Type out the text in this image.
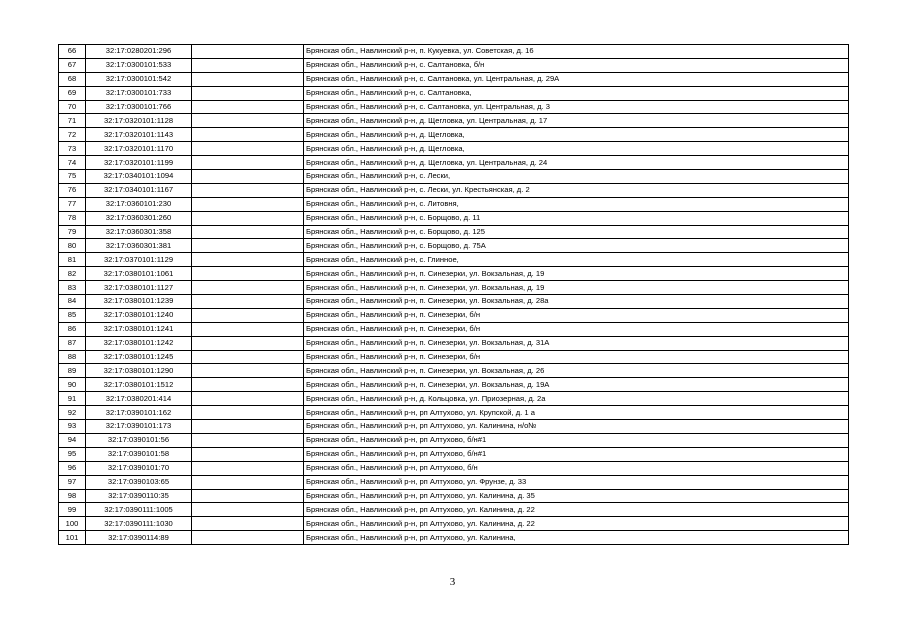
66	32:17:0280201:296		Брянская обл., Навлинский р-н, п. Кукуевка, ул. Советская, д. 16
67	32:17:0300101:533		Брянская обл., Навлинский р-н, с. Салтановка, б/н
68	32:17:0300101:542		Брянская обл., Навлинский р-н, с. Салтановка, ул. Центральная, д. 29А
69	32:17:0300101:733		Брянская обл., Навлинский р-н, с. Салтановка,
70	32:17:0300101:766		Брянская обл., Навлинский р-н, с. Салтановка, ул. Центральная, д. 3
71	32:17:0320101:1128		Брянская обл., Навлинский р-н, д. Щегловка, ул. Центральная, д. 17
72	32:17:0320101:1143		Брянская обл., Навлинский р-н, д. Щегловка,
73	32:17:0320101:1170		Брянская обл., Навлинский р-н, д. Щегловка,
74	32:17:0320101:1199		Брянская обл., Навлинский р-н, д. Щегловка, ул. Центральная, д. 24
75	32:17:0340101:1094		Брянская обл., Навлинский р-н, с. Лески,
76	32:17:0340101:1167		Брянская обл., Навлинский р-н, с. Лески, ул. Крестьянская, д. 2
77	32:17:0360101:230		Брянская обл., Навлинский р-н, с. Литовня,
78	32:17:0360301:260		Брянская обл., Навлинский р-н, с. Борщово, д. 11
79	32:17:0360301:358		Брянская обл., Навлинский р-н, с. Борщово, д. 125
80	32:17:0360301:381		Брянская обл., Навлинский р-н, с. Борщово, д. 75А
81	32:17:0370101:1129		Брянская обл., Навлинский р-н, с. Глинное,
82	32:17:0380101:1061		Брянская обл., Навлинский р-н, п. Синезерки, ул. Вокзальная, д. 19
83	32:17:0380101:1127		Брянская обл., Навлинский р-н, п. Синезерки, ул. Вокзальная, д. 19
84	32:17:0380101:1239		Брянская обл., Навлинский р-н, п. Синезерки, ул. Вокзальная, д. 28а
85	32:17:0380101:1240		Брянская обл., Навлинский р-н, п. Синезерки, б/н
86	32:17:0380101:1241		Брянская обл., Навлинский р-н, п. Синезерки, б/н
87	32:17:0380101:1242		Брянская обл., Навлинский р-н, п. Синезерки, ул. Вокзальная, д. 31А
88	32:17:0380101:1245		Брянская обл., Навлинский р-н, п. Синезерки, б/н
89	32:17:0380101:1290		Брянская обл., Навлинский р-н, п. Синезерки, ул. Вокзальная, д. 26
90	32:17:0380101:1512		Брянская обл., Навлинский р-н, п. Синезерки, ул. Вокзальная, д. 19А
91	32:17:0380201:414		Брянская обл., Навлинский р-н, д. Кольцовка, ул. Приозерная, д. 2а
92	32:17:0390101:162		Брянская обл., Навлинский р-н, рп Алтухово, ул. Крупской, д. 1 а
93	32:17:0390101:173		Брянская обл., Навлинский р-н, рп Алтухово, ул. Калинина, н/о№
94	32:17:0390101:56		Брянская обл., Навлинский р-н, рп Алтухово, б/н#1
95	32:17:0390101:58		Брянская обл., Навлинский р-н, рп Алтухово, б/н#1
96	32:17:0390101:70		Брянская обл., Навлинский р-н, рп Алтухово, б/н
97	32:17:0390103:65		Брянская обл., Навлинский р-н, рп Алтухово, ул. Фрунзе, д. 33
98	32:17:0390110:35		Брянская обл., Навлинский р-н, рп Алтухово, ул. Калинина, д. 35
99	32:17:0390111:1005		Брянская обл., Навлинский р-н, рп Алтухово, ул. Калинина, д. 22
100	32:17:0390111:1030		Брянская обл., Навлинский р-н, рп Алтухово, ул. Калинина, д. 22
101	32:17:0390114:89		Брянская обл., Навлинский р-н, рп Алтухово, ул. Калинина,
3
